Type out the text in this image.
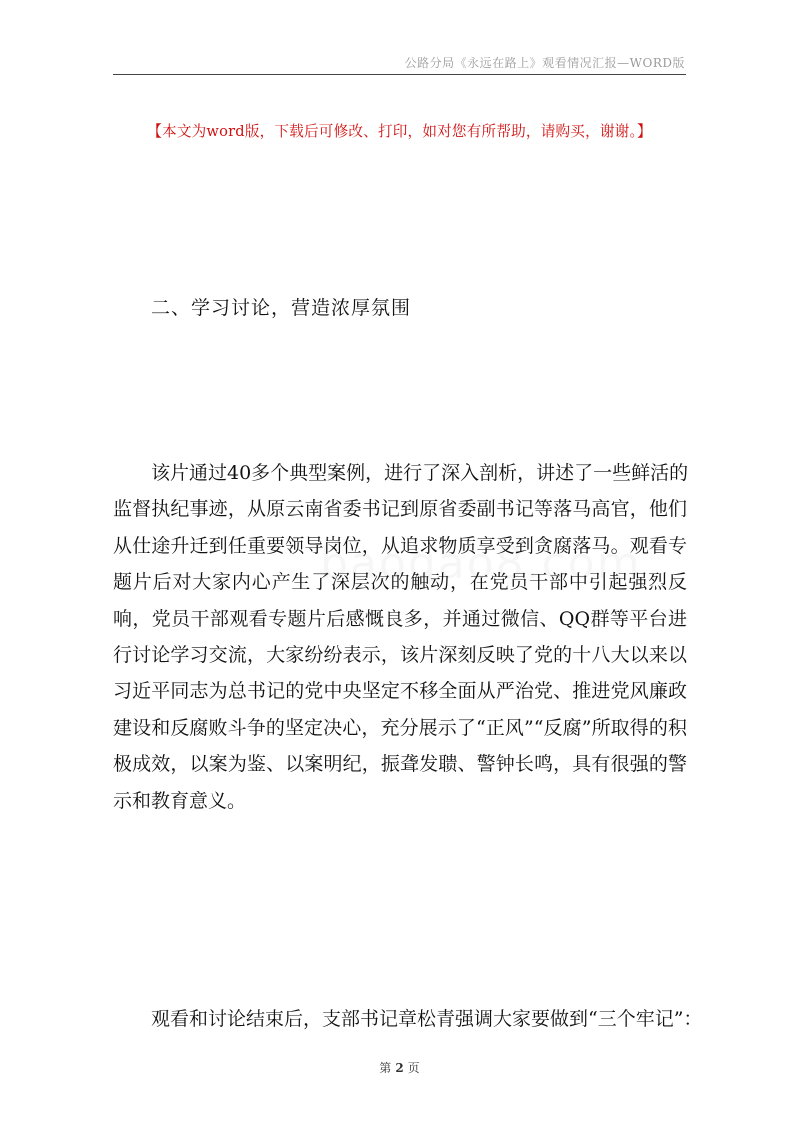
公路分局《永远在路上》观看情况汇报—WORD版
【本文为word版，下载后可修改、打印，如对您有所帮助，请购买，谢谢。】
二、学习讨论，营造浓厚氛围

该片通过40多个典型案例，进行了深入剖析，讲述了一些鲜活的
监督执纪事迹，从原云南省委书记到原省委副书记等落马高官，他们
从仕途升迁到任重要领导岗位，从追求物质享受到贪腐落马。观看专
题片后对大家内心产生了深层次的触动，在党员干部中引起强烈反
响，党员干部观看专题片后感慨良多，并通过微信、QQ群等平台进
行讨论学习交流，大家纷纷表示，该片深刻反映了党的十八大以来以
习近平同志为总书记的党中央坚定不移全面从严治党、推进党风廉政
建设和反腐败斗争的坚定决心，充分展示了“正风”“反腐”所取得的积
极成效，以案为鉴、以案明纪，振聋发聩、警钟长鸣，具有很强的警
示和教育意义。

观看和讨论结束后，支部书记章松青强调大家要做到“三个牢记”：

第 2 页
